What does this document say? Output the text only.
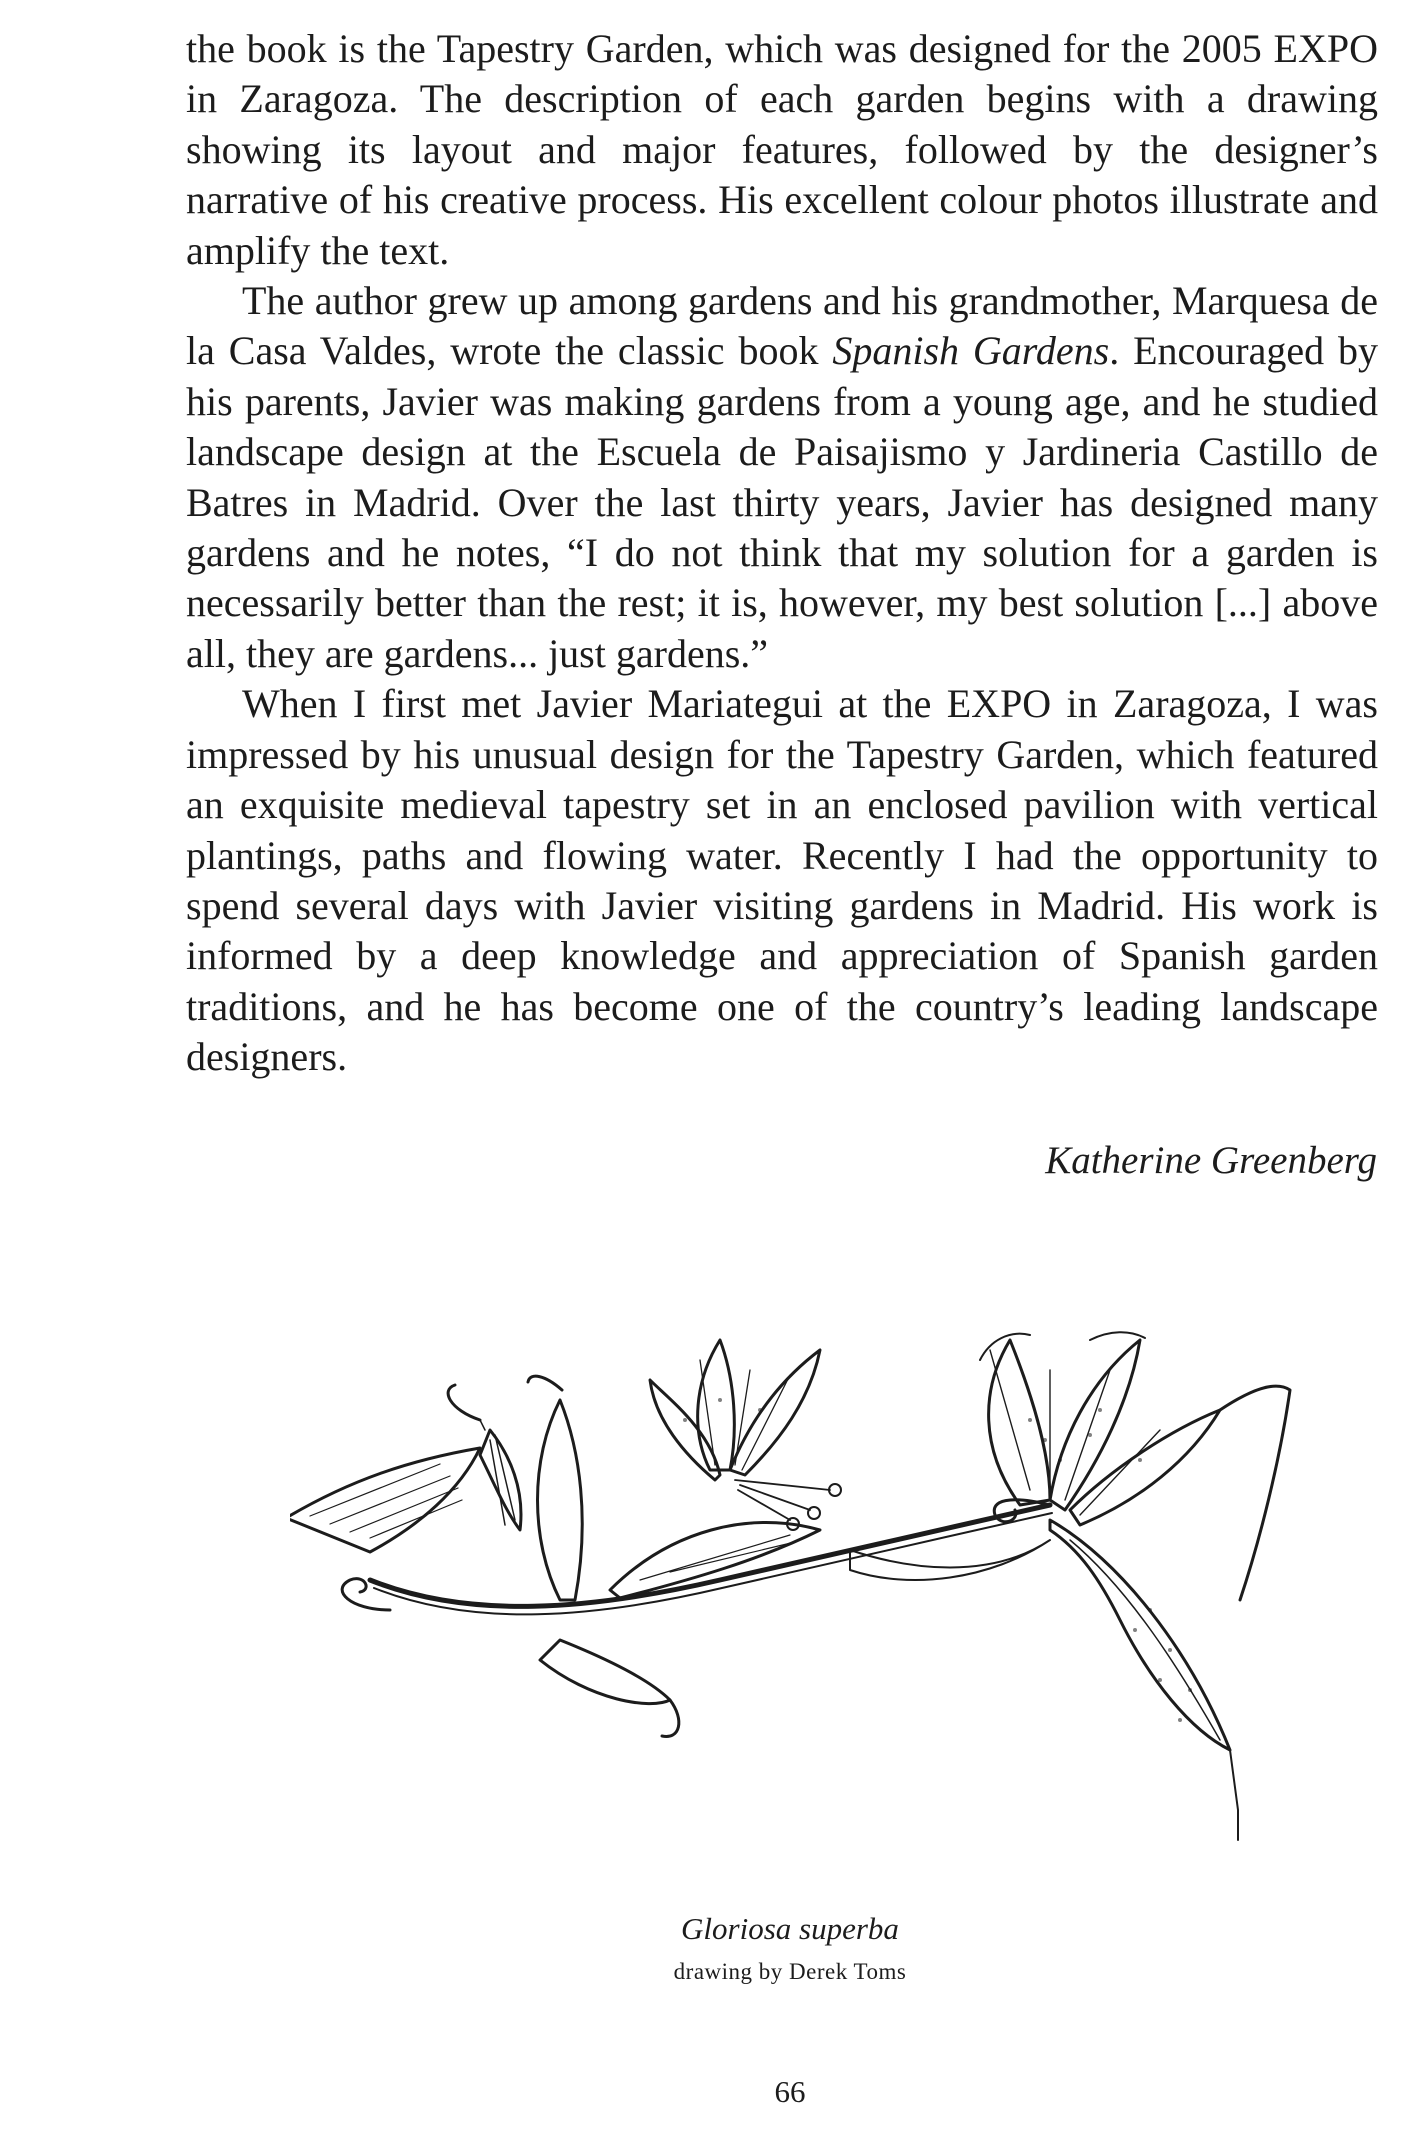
the book is the Tapestry Garden, which was designed for the 2005 EXPO in Zaragoza. The description of each garden begins with a drawing showing its layout and major features, followed by the designer’s narrative of his creative process. His excellent colour photos illustrate and amplify the text.

The author grew up among gardens and his grandmother, Marquesa de la Casa Valdes, wrote the classic book Spanish Gardens. Encouraged by his parents, Javier was making gardens from a young age, and he studied landscape design at the Escuela de Paisajismo y Jardineria Castillo de Batres in Madrid. Over the last thirty years, Javier has designed many gardens and he notes, “I do not think that my solution for a garden is necessarily better than the rest; it is, however, my best solution [...] above all, they are gardens... just gardens.”

When I first met Javier Mariategui at the EXPO in Zaragoza, I was impressed by his unusual design for the Tapestry Garden, which featured an exquisite medieval tapestry set in an enclosed pavilion with vertical plantings, paths and flowing water. Recently I had the opportunity to spend several days with Javier visiting gardens in Madrid. His work is informed by a deep knowledge and appreciation of Spanish garden traditions, and he has become one of the country’s leading landscape designers.

Katherine Greenberg
Gloriosa superba
drawing by Derek Toms
66
